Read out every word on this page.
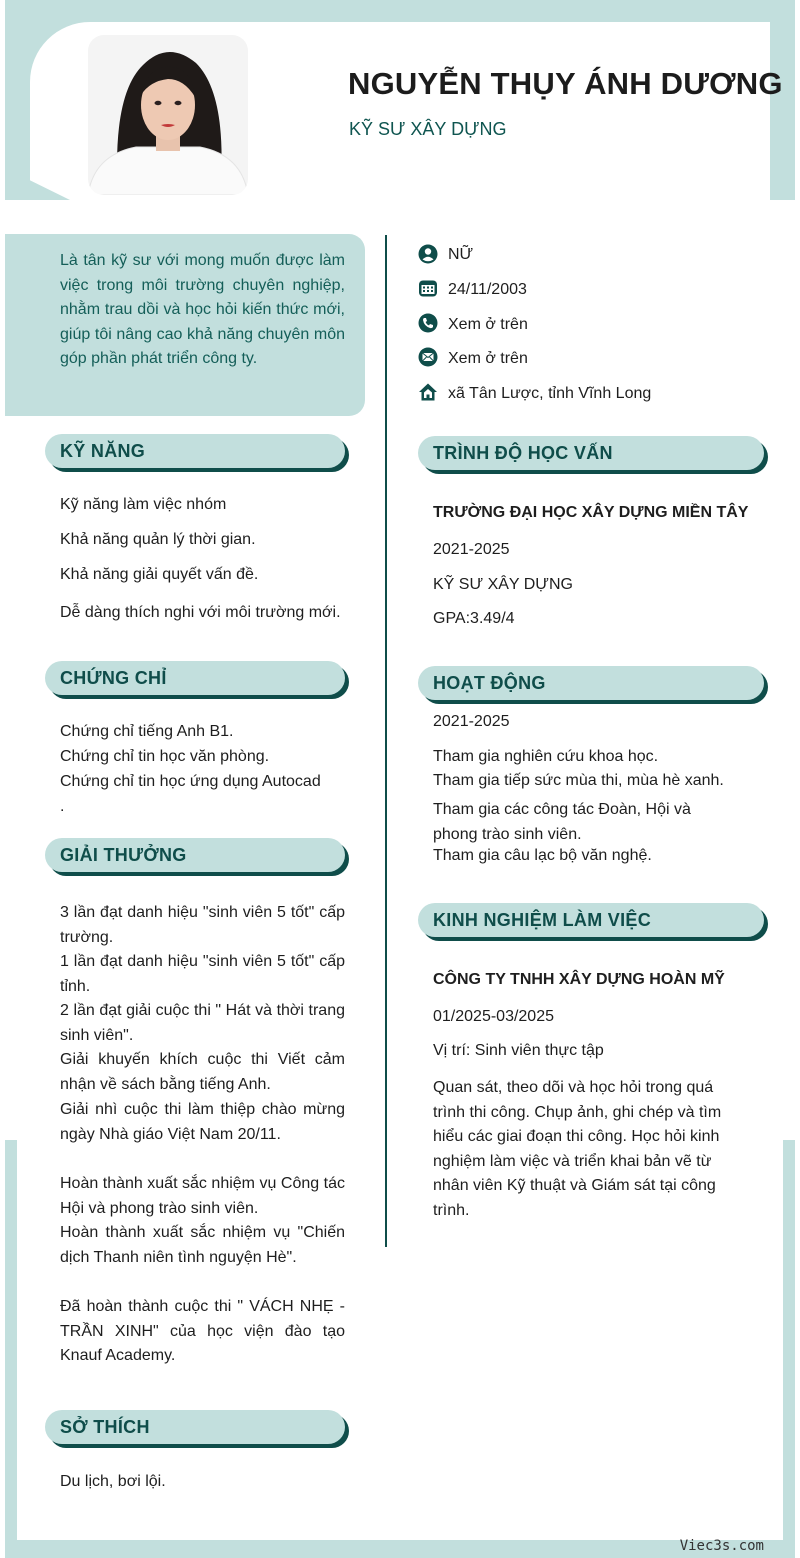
NGUYỄN THỤY ÁNH DƯƠNG
KỸ SƯ XÂY DỰNG
Là tân kỹ sư với mong muốn được làm việc trong môi trường chuyên nghiệp, nhằm trau dồi và học hỏi kiến thức mới, giúp tôi nâng cao khả năng chuyên môn góp phần phát triển công ty.
NỮ
24/11/2003
Xem ở trên
Xem ở trên
xã Tân Lược, tỉnh Vĩnh Long
KỸ NĂNG
Kỹ năng làm việc nhóm
Khả năng quản lý thời gian.
Khả năng giải quyết vấn đề.
Dễ dàng thích nghi với môi trường mới.
CHỨNG CHỈ
Chứng chỉ tiếng Anh B1.
Chứng chỉ tin học văn phòng.
Chứng chỉ tin học ứng dụng Autocad
.
GIẢI THƯỞNG
3 lần đạt danh hiệu "sinh viên 5 tốt" cấp trường.
1 lần đạt danh hiệu "sinh viên 5 tốt" cấp tỉnh.
2 lần đạt giải cuộc thi " Hát và thời trang sinh viên".
Giải khuyến khích cuộc thi Viết cảm nhận về sách bằng tiếng Anh.
Giải nhì cuộc thi làm thiệp chào mừng ngày Nhà giáo Việt Nam 20/11.
Hoàn thành xuất sắc nhiệm vụ Công tác Hội và phong trào sinh viên.
Hoàn thành xuất sắc nhiệm vụ "Chiến dịch Thanh niên tình nguyện Hè".
Đã hoàn thành cuộc thi " VÁCH NHẸ - TRẦN XINH" của học viện đào tạo Knauf Academy.
SỞ THÍCH
Du lịch, bơi lội.
TRÌNH ĐỘ HỌC VẤN
TRƯỜNG ĐẠI HỌC XÂY DỰNG MIỀN TÂY
2021-2025
KỸ SƯ XÂY DỰNG
GPA:3.49/4
HOẠT ĐỘNG
2021-2025
Tham gia nghiên cứu khoa học.
Tham gia tiếp sức mùa thi, mùa hè xanh.
Tham gia các công tác Đoàn, Hội và phong trào sinh viên.
Tham gia câu lạc bộ văn nghệ.
KINH NGHIỆM LÀM VIỆC
CÔNG TY TNHH XÂY DỰNG HOÀN MỸ
01/2025-03/2025
Vị trí: Sinh viên thực tập
Quan sát, theo dõi và học hỏi trong quá trình thi công. Chụp ảnh, ghi chép và tìm hiểu các giai đoạn thi công. Học hỏi kinh nghiệm làm việc và triển khai bản vẽ từ nhân viên Kỹ thuật và Giám sát tại công trình.
Viec3s.com
